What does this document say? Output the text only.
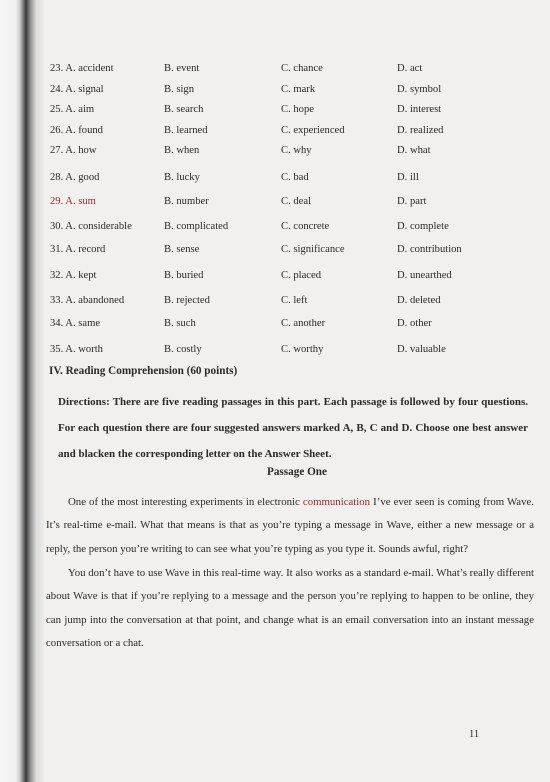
23. A. accident	B. event	C. chance	D. act
24. A. signal	B. sign	C. mark	D. symbol
25. A. aim	B. search	C. hope	D. interest
26. A. found	B. learned	C. experienced	D. realized
27. A. how	B. when	C. why	D. what
28. A. good	B. lucky	C. bad	D. ill
29. A. sum	B. number	C. deal	D. part
30. A. considerable	B. complicated	C. concrete	D. complete
31. A. record	B. sense	C. significance	D. contribution
32. A. kept	B. buried	C. placed	D. unearthed
33. A. abandoned	B. rejected	C. left	D. deleted
34. A. same	B. such	C. another	D. other
35. A. worth	B. costly	C. worthy	D. valuable
IV. Reading Comprehension (60 points)
Directions: There are five reading passages in this part. Each passage is followed by four questions. For each question there are four suggested answers marked A, B, C and D. Choose one best answer and blacken the corresponding letter on the Answer Sheet.
Passage One

One of the most interesting experiments in electronic communication I’ve ever seen is coming from Wave. It’s real-time e-mail. What that means is that as you’re typing a message in Wave, either a new message or a reply, the person you’re writing to can see what you’re typing as you type it. Sounds awful, right?

You don’t have to use Wave in this real-time way. It also works as a standard e-mail. What’s really different about Wave is that if you’re replying to a message and the person you’re replying to happen to be online, they can jump into the conversation at that point, and change what is an email conversation into an instant message conversation or a chat.

11
